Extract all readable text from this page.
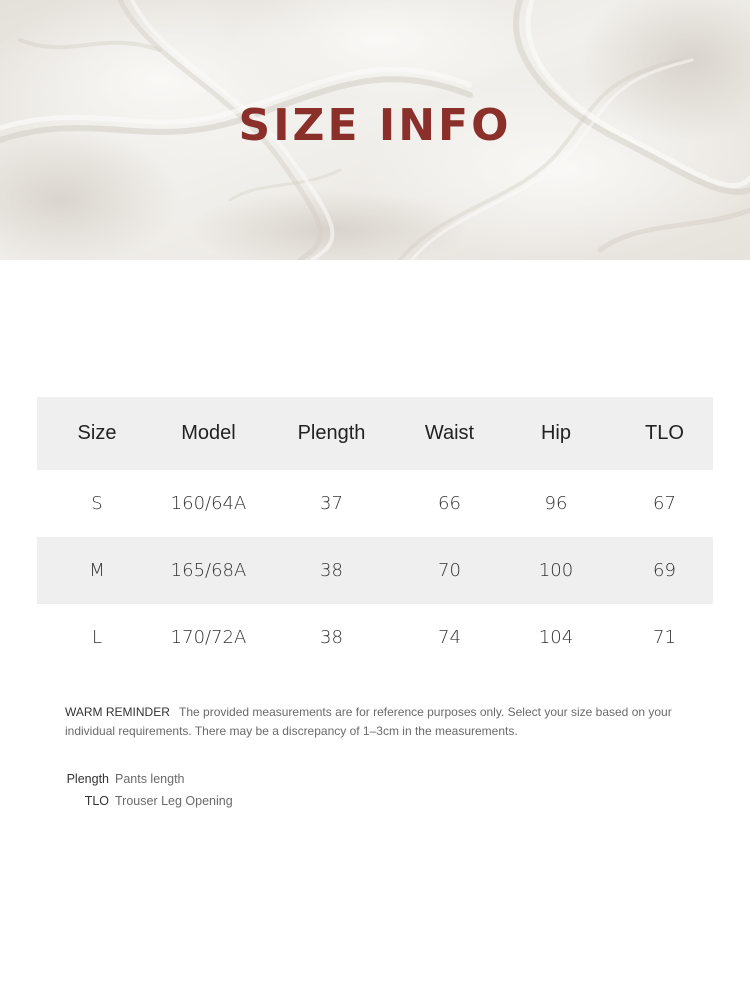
SIZE INFO
Size	Model	Plength	Waist	Hip	TLO
S	160/64A	37	66	96	67
M	165/68A	38	70	100	69
L	170/72A	38	74	104	71
WARM REMINDER The provided measurements are for reference purposes only. Select your size based on your individual requirements. There may be a discrepancy of 1–3cm in the measurements.
Plength Pants length
TLO Trouser Leg Opening
